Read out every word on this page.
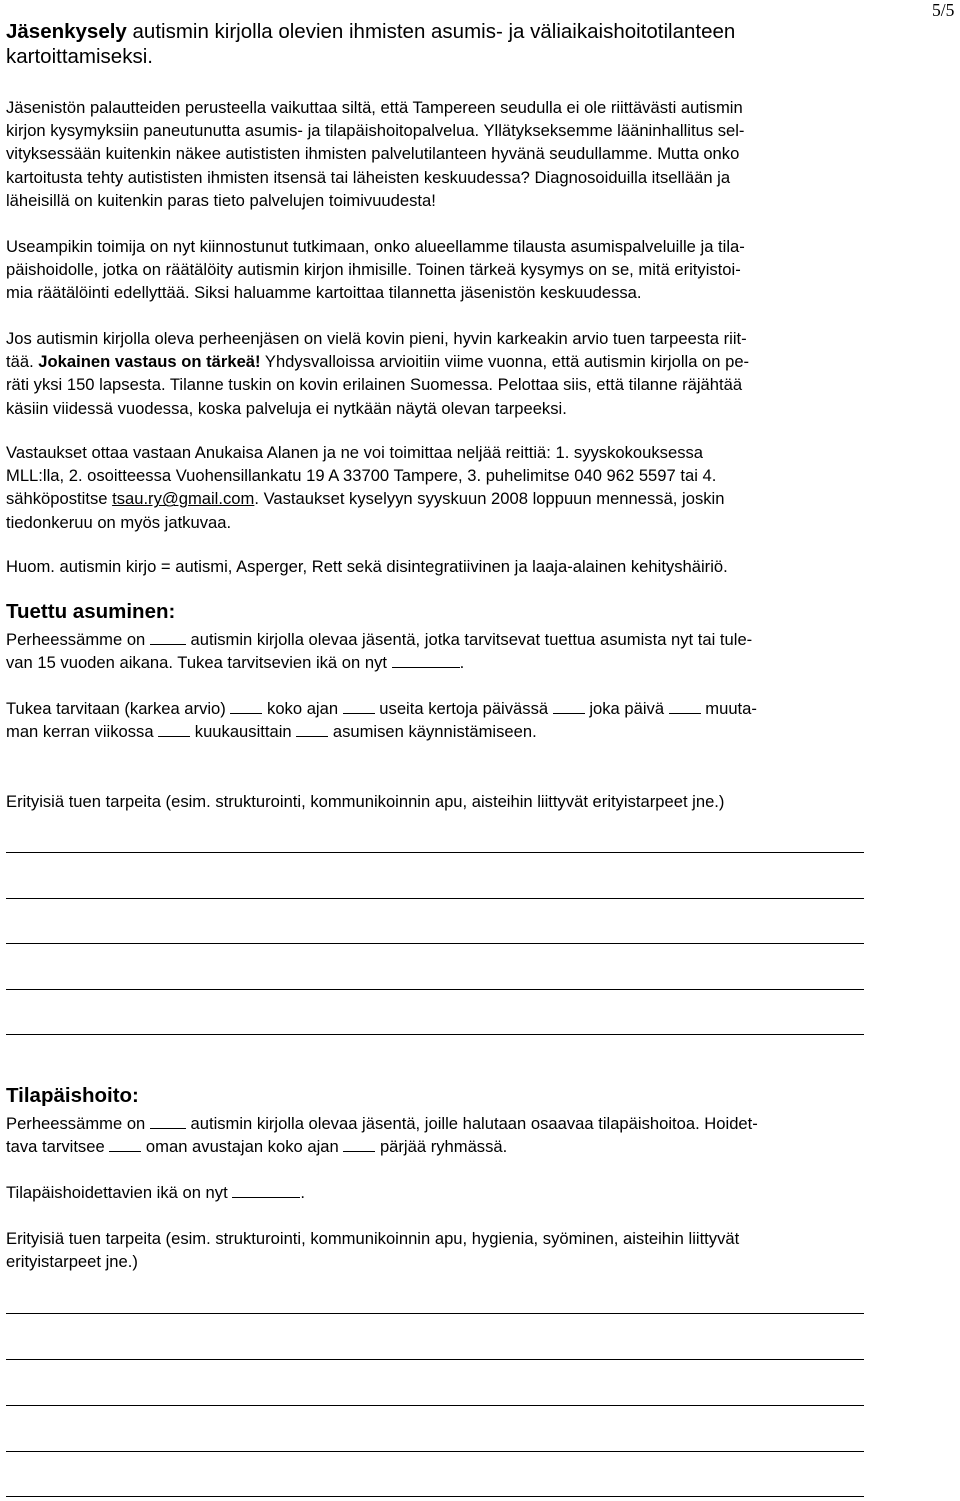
5/5
Jäsenkysely autismin kirjolla olevien ihmisten asumis- ja väliaikaishoitotilanteen
kartoittamiseksi.
Jäsenistön palautteiden perusteella vaikuttaa siltä, että Tampereen seudulla ei ole riittävästi autismin
kirjon kysymyksiin paneutunutta asumis- ja tilapäishoitopalvelua. Yllätykseksemme lääninhallitus sel-
vityksessään kuitenkin näkee autististen ihmisten palvelutilanteen hyvänä seudullamme. Mutta onko
kartoitusta tehty autististen ihmisten itsensä tai läheisten keskuudessa? Diagnosoiduilla itsellään ja
läheisillä on kuitenkin paras tieto palvelujen toimivuudesta!
Useampikin toimija on nyt kiinnostunut tutkimaan, onko alueellamme tilausta asumispalveluille ja tila-
päishoidolle, jotka on räätälöity autismin kirjon ihmisille. Toinen tärkeä kysymys on se, mitä erityistoi-
mia räätälöinti edellyttää. Siksi haluamme kartoittaa tilannetta jäsenistön keskuudessa.
Jos autismin kirjolla oleva perheenjäsen on vielä kovin pieni, hyvin karkeakin arvio tuen tarpeesta riit-
tää. Jokainen vastaus on tärkeä! Yhdysvalloissa arvioitiin viime vuonna, että autismin kirjolla on pe-
räti yksi 150 lapsesta. Tilanne tuskin on kovin erilainen Suomessa. Pelottaa siis, että tilanne räjähtää
käsiin viidessä vuodessa, koska palveluja ei nytkään näytä olevan tarpeeksi.
Vastaukset ottaa vastaan Anukaisa Alanen ja ne voi toimittaa neljää reittiä: 1. syyskokouksessa
MLL:lla, 2. osoitteessa Vuohensillankatu 19 A 33700 Tampere, 3. puhelimitse 040 962 5597 tai 4.
sähköpostitse tsau.ry@gmail.com. Vastaukset kyselyyn syyskuun 2008 loppuun mennessä, joskin
tiedonkeruu on myös jatkuvaa.
Huom. autismin kirjo = autismi, Asperger, Rett sekä disintegratiivinen ja laaja-alainen kehityshäiriö.
Tuettu asuminen:
Perheessämme on  autismin kirjolla olevaa jäsentä, jotka tarvitsevat tuettua asumista nyt tai tule-
van 15 vuoden aikana. Tukea tarvitsevien ikä on nyt	.
Tukea tarvitaan (karkea arvio)  koko ajan  useita kertoja päivässä  joka päivä  muuta-
man kerran viikossa  kuukausittain  asumisen käynnistämiseen.
Erityisiä tuen tarpeita (esim. strukturointi, kommunikoinnin apu, aisteihin liittyvät erityistarpeet jne.)
Tilapäishoito:
Perheessämme on  autismin kirjolla olevaa jäsentä, joille halutaan osaavaa tilapäishoitoa. Hoidet-
tava tarvitsee  oman avustajan koko ajan  pärjää ryhmässä.
Tilapäishoidettavien ikä on nyt	.
Erityisiä tuen tarpeita (esim. strukturointi, kommunikoinnin apu, hygienia, syöminen, aisteihin liittyvät
erityistarpeet jne.)
